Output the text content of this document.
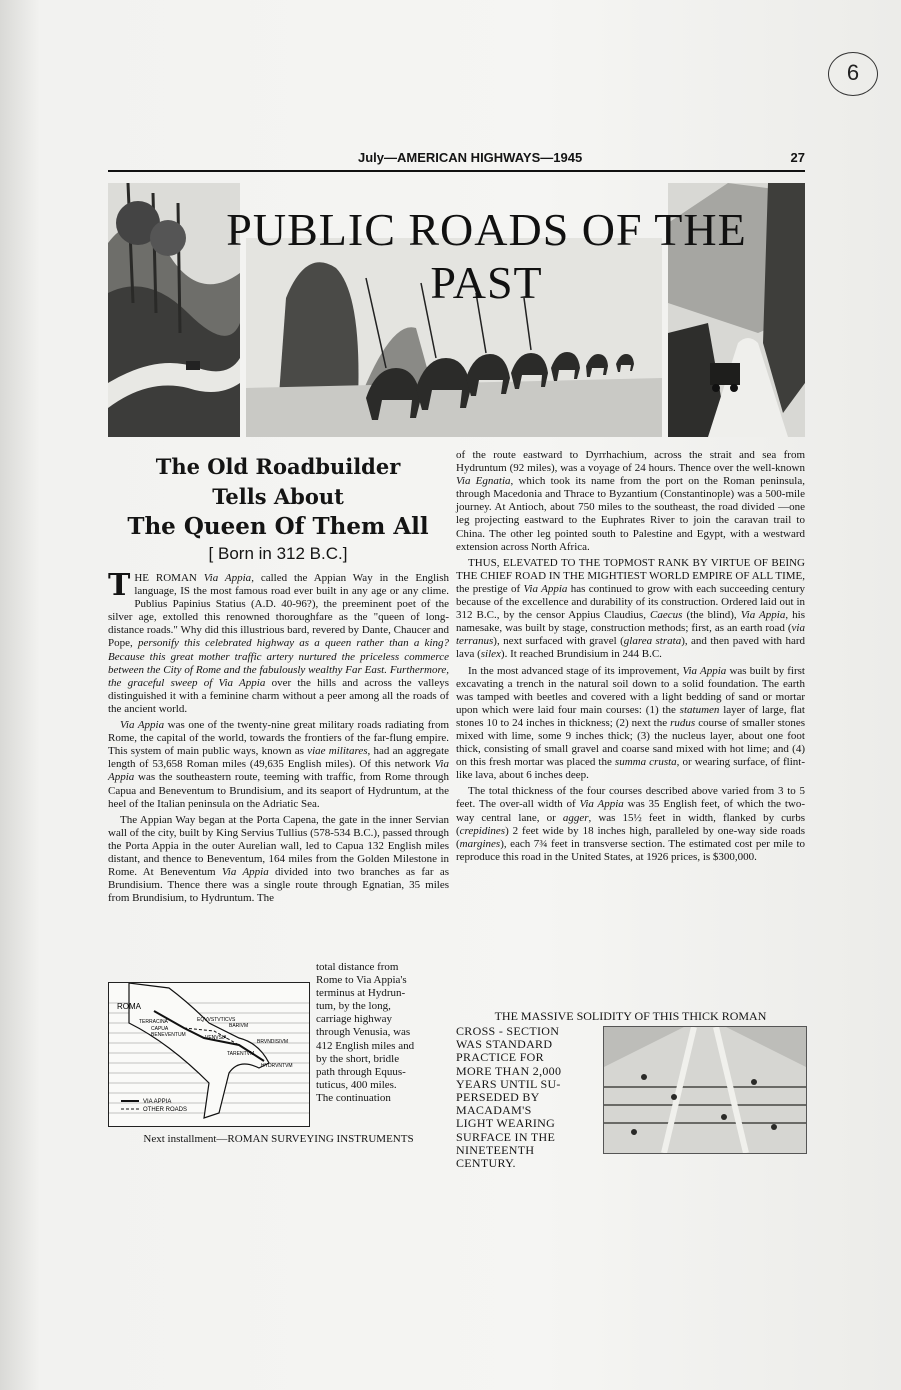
6
July—AMERICAN HIGHWAYS—1945	27
PUBLIC ROADS OF THE PAST

The Old Roadbuilder

Tells About

The Queen Of Them All

[ Born in 312 B.C.]

THE ROMAN Via Appia, called the Appian Way in the English language, IS the most famous road ever built in any age or any clime. Publius Papinius Statius (A.D. 40-96?), the preeminent poet of the silver age, extolled this renowned thoroughfare as the "queen of long-distance roads." Why did this illustrious bard, revered by Dante, Chaucer and Pope, personify this celebrated highway as a queen rather than a king? Because this great mother traffic artery nurtured the priceless commerce between the City of Rome and the fabulously wealthy Far East. Furthermore, the graceful sweep of Via Appia over the hills and across the valleys distinguished it with a feminine charm without a peer among all the roads of the ancient world.

Via Appia was one of the twenty-nine great military roads radiating from Rome, the capital of the world, towards the frontiers of the far-flung empire. This system of main public ways, known as viae militares, had an aggregate length of 53,658 Roman miles (49,635 English miles). Of this network Via Appia was the southeastern route, teeming with traffic, from Rome through Capua and Beneventum to Brundisium, and its seaport of Hydruntum, at the heel of the Italian peninsula on the Adriatic Sea.

The Appian Way began at the Porta Capena, the gate in the inner Servian wall of the city, built by King Servius Tullius (578-534 B.C.), passed through the Porta Appia in the outer Aurelian wall, led to Capua 132 English miles distant, and thence to Beneventum, 164 miles from the Golden Milestone in Rome. At Beneventum Via Appia divided into two branches as far as Brundisium. Thence there was a single route through Egnatian, 35 miles from Brundisium, to Hydruntum. The

total distance from
Rome to Via Appia's
terminus at Hydrun-
tum, by the long,
carriage highway
through Venusia, was
412 English miles and
by the short, bridle
path through Equus-
tuticus, 400 miles.
The continuation
ROMA
TERRACINA
CAPUA
BENEVENTUM
EQVVSTVTICVS
BARIVM
BRVNDISIVM
TARENTVM
HYDRVNTVM
VENVSIA
VIA APPIA
OTHER ROADS
Next installment—ROMAN SURVEYING INSTRUMENTS

of the route eastward to Dyrrhachium, across the strait and sea from Hydruntum (92 miles), was a voyage of 24 hours. Thence over the well-known Via Egnatia, which took its name from the port on the Roman peninsula, through Macedonia and Thrace to Byzantium (Constantinople) was a 500-mile journey. At Antioch, about 750 miles to the southeast, the road divided —one leg projecting eastward to the Euphrates River to join the caravan trail to China. The other leg pointed south to Palestine and Egypt, with a westward extension across North Africa.

THUS, ELEVATED TO THE TOPMOST RANK BY VIRTUE OF BEING THE CHIEF ROAD IN THE MIGHTIEST WORLD EMPIRE OF ALL TIME, the prestige of Via Appia has continued to grow with each succeeding century because of the excellence and durability of its construction. Ordered laid out in 312 B.C., by the censor Appius Claudius, Caecus (the blind), Via Appia, his namesake, was built by stage, construction methods; first, as an earth road (via terranus), next surfaced with gravel (glarea strata), and then paved with hard lava (silex). It reached Brundisium in 244 B.C.

In the most advanced stage of its improvement, Via Appia was built by first excavating a trench in the natural soil down to a solid foundation. The earth was tamped with beetles and covered with a light bedding of sand or mortar upon which were laid four main courses: (1) the statumen layer of large, flat stones 10 to 24 inches in thickness; (2) next the rudus course of smaller stones mixed with lime, some 9 inches thick; (3) the nucleus layer, about one foot thick, consisting of small gravel and coarse sand mixed with hot lime; and (4) on this fresh mortar was placed the summa crusta, or wearing surface, of flint-like lava, about 6 inches deep.

The total thickness of the four courses described above varied from 3 to 5 feet. The over-all width of Via Appia was 35 English feet, of which the two-way central lane, or agger, was 15½ feet in width, flanked by curbs (crepidines) 2 feet wide by 18 inches high, paralleled by one-way side roads (margines), each 7¾ feet in transverse section. The estimated cost per mile to reproduce this road in the United States, at 1926 prices, is $300,000.

THE MASSIVE SOLIDITY OF THIS THICK ROMAN
CROSS - SECTION
WAS STANDARD
PRACTICE FOR
MORE THAN 2,000
YEARS UNTIL SU-
PERSEDED BY
MACADAM'S
LIGHT WEARING
SURFACE IN THE
NINETEENTH
CENTURY.
